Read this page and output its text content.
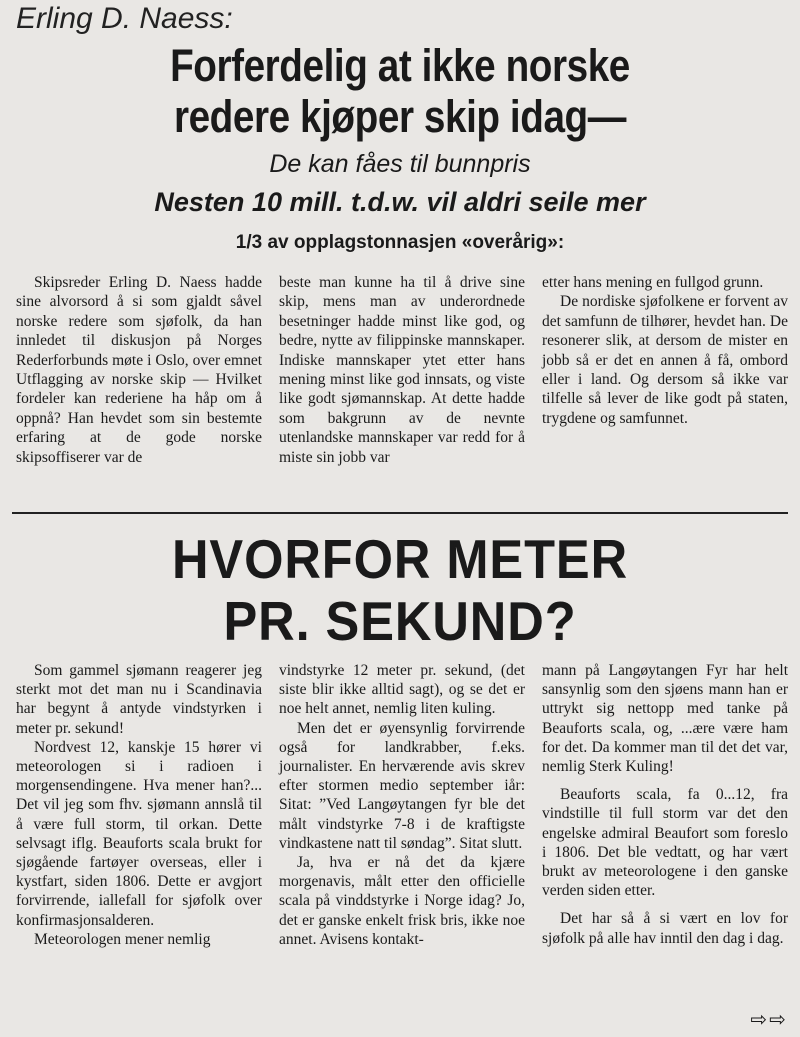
Erling D. Naess:
Forferdelig at ikke norske
redere kjøper skip idag—
De kan fåes til bunnpris
Nesten 10 mill. t.d.w. vil aldri seile mer
1/3 av opplagstonnasjen «overårig»:

Skipsreder Erling D. Naess hadde sine alvorsord å si som gjaldt såvel norske redere som sjøfolk, da han innledet til diskusjon på Norges Rederforbunds møte i Oslo, over emnet Utflagging av norske skip — Hvilket fordeler kan rederiene ha håp om å oppnå? Han hevdet som sin bestemte erfaring at de gode norske skipsoffiserer var de

beste man kunne ha til å drive sine skip, mens man av underordnede besetninger hadde minst like god, og bedre, nytte av filippinske mannskaper. Indiske mannskaper ytet etter hans mening minst like god innsats, og viste like godt sjømannskap. At dette hadde som bakgrunn av de nevnte utenlandske mannskaper var redd for å miste sin jobb var

etter hans mening en fullgod grunn.

De nordiske sjøfolkene er forvent av det samfunn de tilhører, hevdet han. De resonerer slik, at dersom de mister en jobb så er det en annen å få, ombord eller i land. Og dersom så ikke var tilfelle så lever de like godt på staten, trygdene og samfunnet.

HVORFOR METER
PR. SEKUND?

Som gammel sjømann reagerer jeg sterkt mot det man nu i Scandinavia har begynt å antyde vindstyrken i meter pr. sekund!

Nordvest 12, kanskje 15 hører vi meteorologen si i radioen i morgensendingene. Hva mener han?... Det vil jeg som fhv. sjømann annslå til å være full storm, til orkan. Dette selvsagt iflg. Beauforts scala brukt for sjøgående fartøyer overseas, eller i kystfart, siden 1806. Dette er avgjort forvirrende, iallefall for sjøfolk over konfirmasjonsalderen.

Meteorologen mener nemlig

vindstyrke 12 meter pr. sekund, (det siste blir ikke alltid sagt), og se det er noe helt annet, nemlig liten kuling.

Men det er øyensynlig forvirrende også for landkrabber, f.eks. journalister. En herværende avis skrev efter stormen medio september iår: Sitat: ”Ved Langøytangen fyr ble det målt vindstyrke 7-8 i de kraftigste vindkastene natt til søndag”. Sitat slutt.

Ja, hva er nå det da kjære morgenavis, målt etter den officielle scala på vinddstyrke i Norge idag? Jo, det er ganske enkelt frisk bris, ikke noe annet. Avisens kontakt-

mann på Langøytangen Fyr har helt sansynlig som den sjøens mann han er uttrykt sig nettopp med tanke på Beauforts scala, og, ...ære være ham for det. Da kommer man til det det var, nemlig Sterk Kuling!

Beauforts scala, fa 0...12, fra vindstille til full storm var det den engelske admiral Beaufort som foreslo i 1806. Det ble vedtatt, og har vært brukt av meteorologene i den ganske verden siden etter.

Det har så å si vært en lov for sjøfolk på alle hav inntil den dag i dag.

⇨⇨
